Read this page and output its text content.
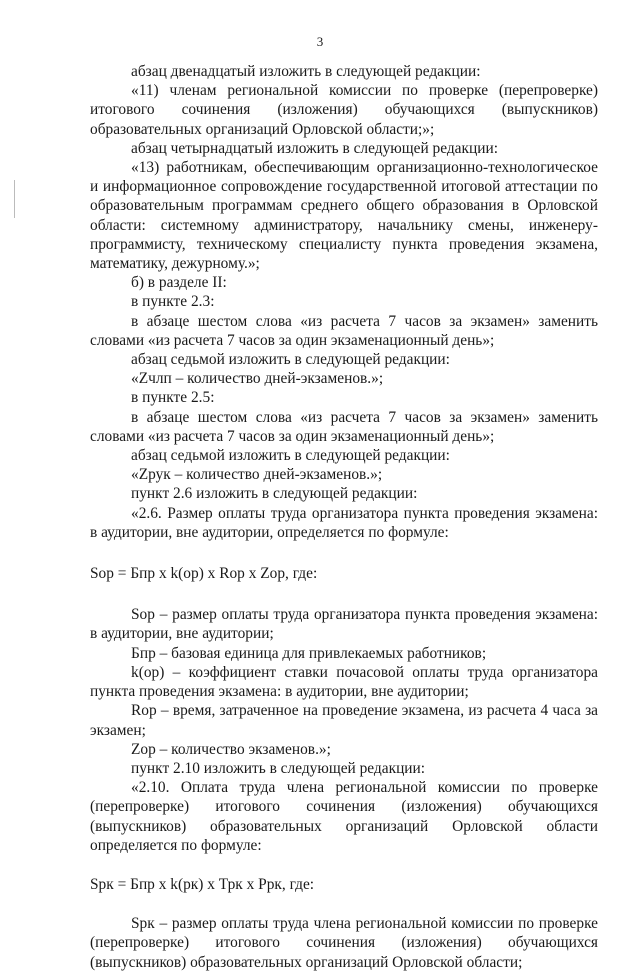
3

абзац двенадцатый изложить в следующей редакции:

«11) членам региональной комиссии по проверке (перепроверке) итогового сочинения (изложения) обучающихся (выпускников) образовательных организаций Орловской области;»;

абзац четырнадцатый изложить в следующей редакции:

«13) работникам, обеспечивающим организационно-технологическое и информационное сопровождение государственной итоговой аттестации по образовательным программам среднего общего образования в Орловской области: системному администратору, начальнику смены, инженеру-программисту, техническому специалисту пункта проведения экзамена, математику, дежурному.»;

б) в разделе II:

в пункте 2.3:

в абзаце шестом слова «из расчета 7 часов за экзамен» заменить словами «из расчета 7 часов за один экзаменационный день»;

абзац седьмой изложить в следующей редакции:

«Zчлп – количество дней-экзаменов.»;

в пункте 2.5:

в абзаце шестом слова «из расчета 7 часов за экзамен» заменить словами «из расчета 7 часов за один экзаменационный день»;

абзац седьмой изложить в следующей редакции:

«Zрук – количество дней-экзаменов.»;

пункт 2.6 изложить в следующей редакции:

«2.6. Размер оплаты труда организатора пункта проведения экзамена: в аудитории, вне аудитории, определяется по формуле:

Sор = Бпр x k(ор) x Rор x Zор, где:

Sор – размер оплаты труда организатора пункта проведения экзамена: в аудитории, вне аудитории;

Бпр – базовая единица для привлекаемых работников;

k(ор) – коэффициент ставки почасовой оплаты труда организатора пункта проведения экзамена: в аудитории, вне аудитории;

Rор – время, затраченное на проведение экзамена, из расчета 4 часа за экзамен;

Zор – количество экзаменов.»;

пункт 2.10 изложить в следующей редакции:

«2.10. Оплата труда члена региональной комиссии по проверке (перепроверке) итогового сочинения (изложения) обучающихся (выпускников) образовательных организаций Орловской области определяется по формуле:

Sрк = Бпр x k(рк) x Трк x Ррк, где:

Sрк – размер оплаты труда члена региональной комиссии по проверке (перепроверке) итогового сочинения (изложения) обучающихся (выпускников) образовательных организаций Орловской области;
